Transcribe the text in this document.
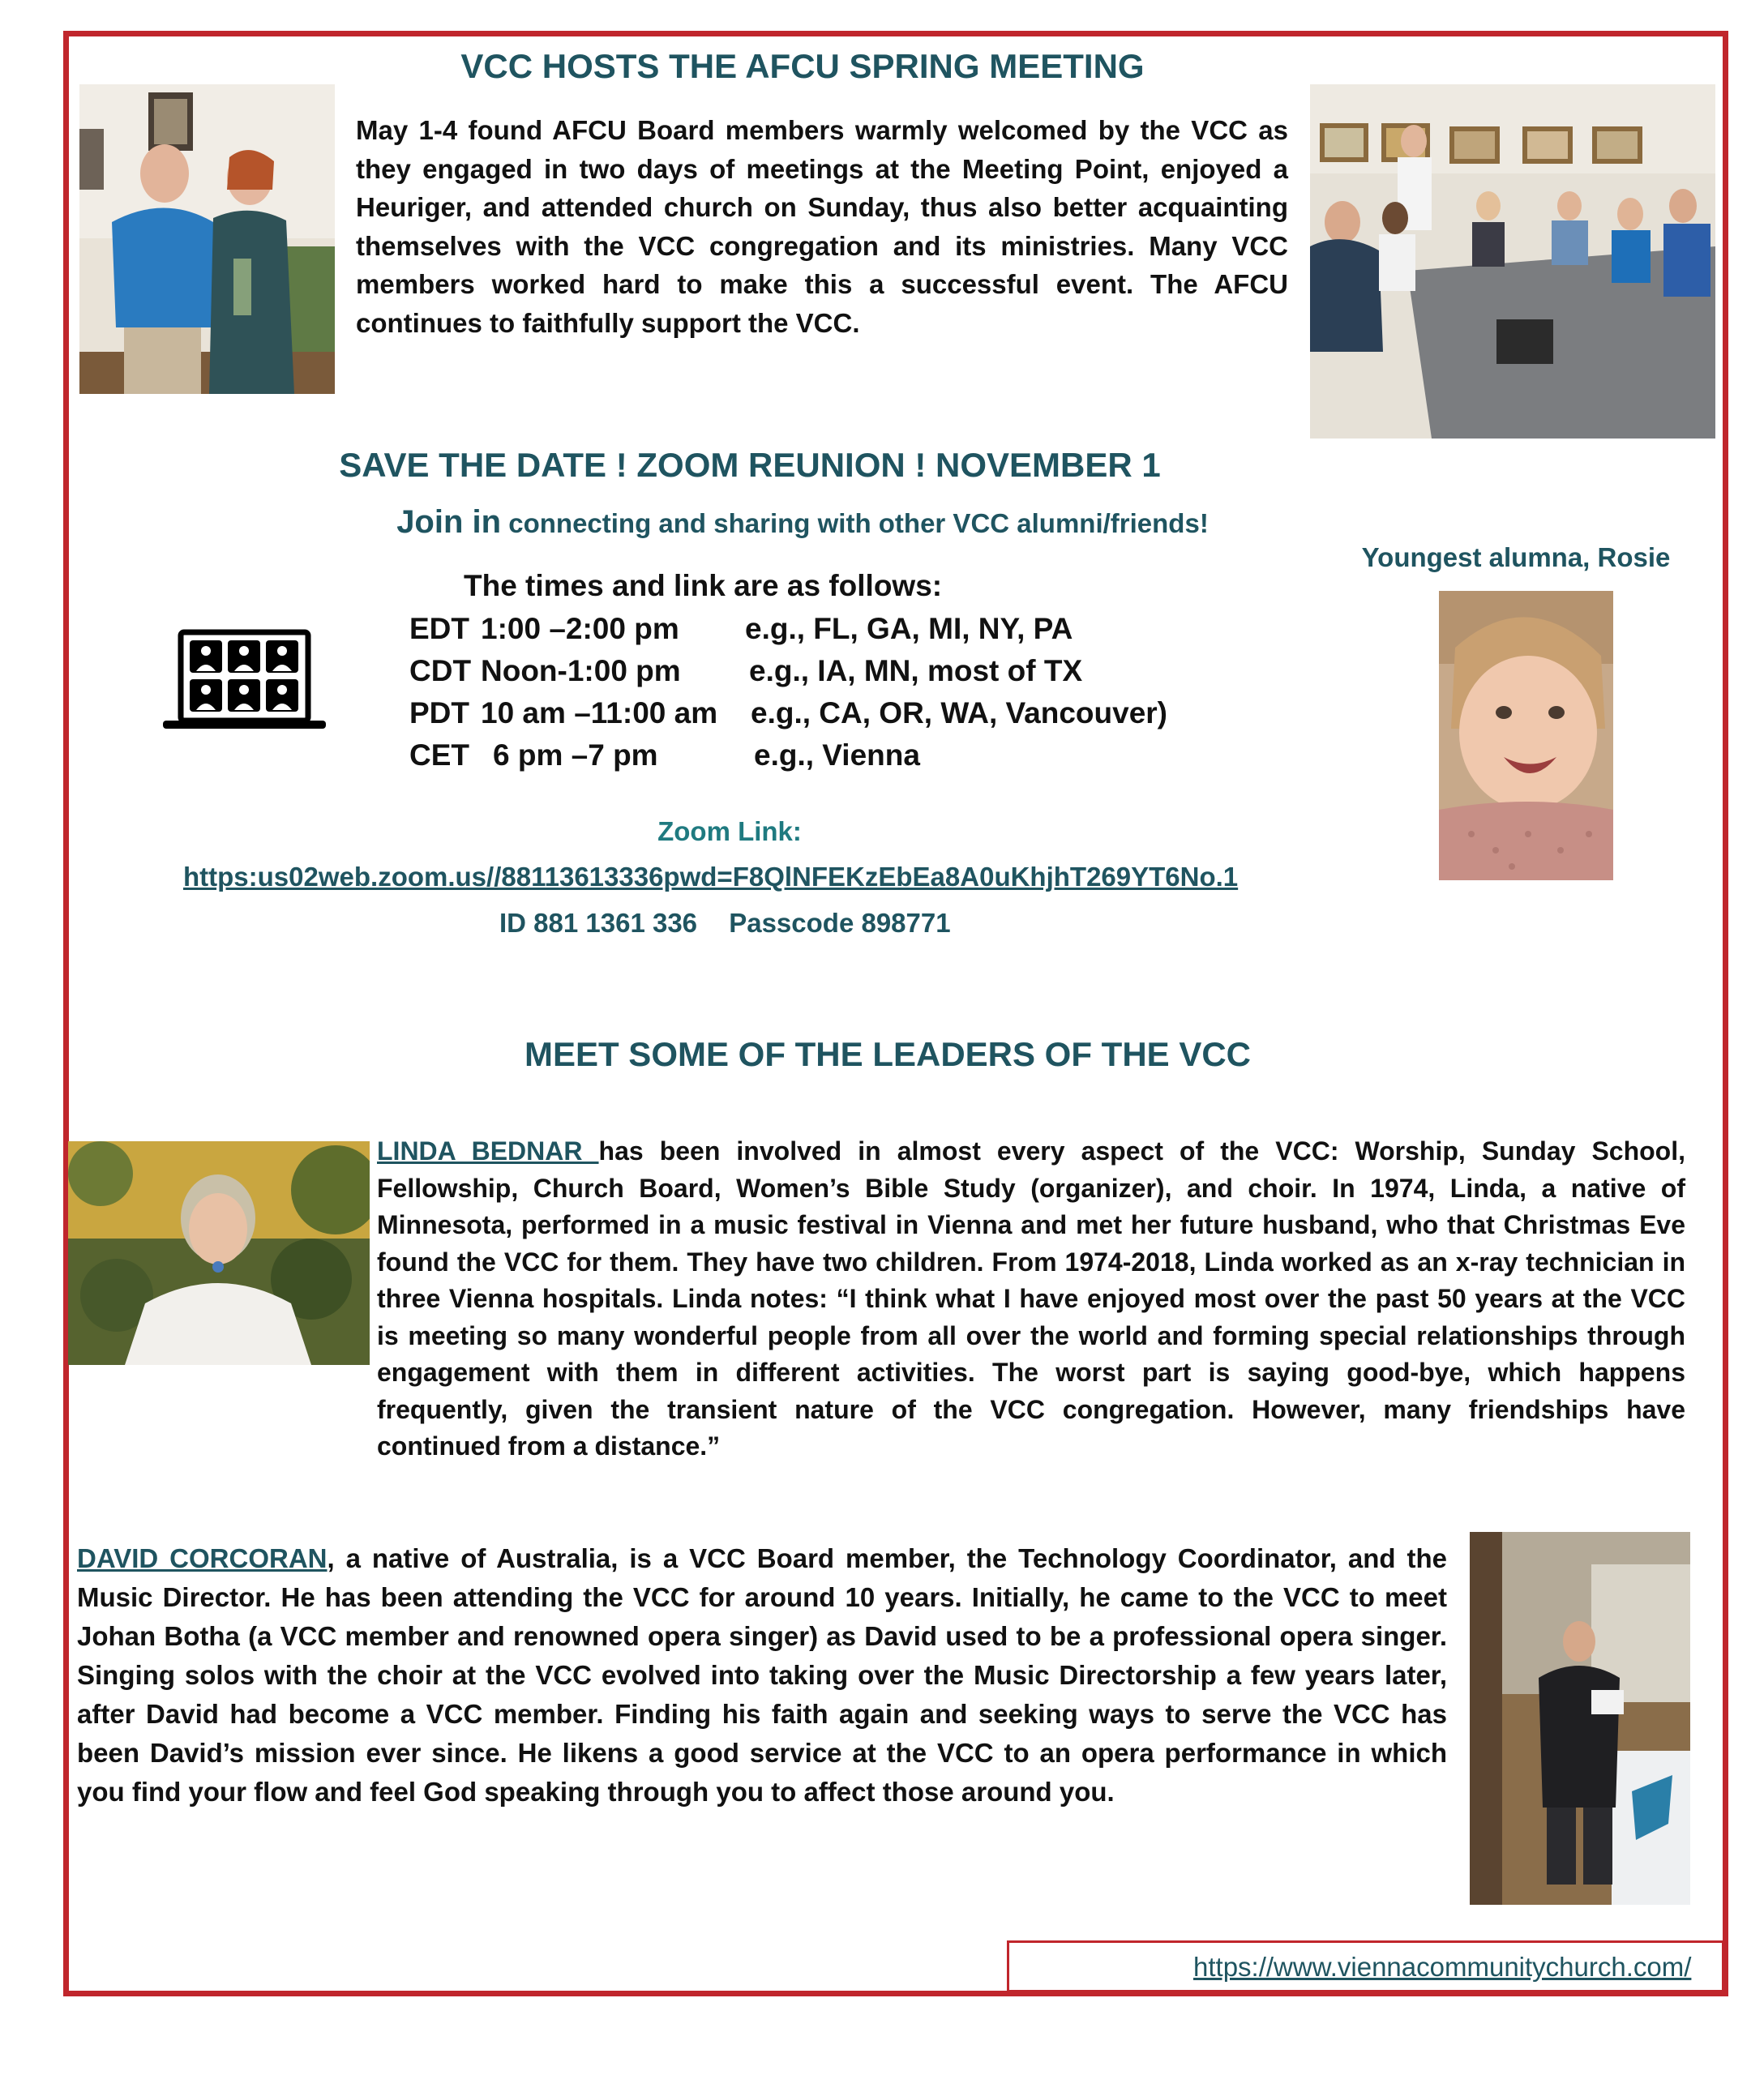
VCC HOSTS THE AFCU SPRING MEETING
May 1-4 found AFCU Board members warmly welcomed by the VCC as they engaged in two days of meetings at the Meeting Point, enjoyed a Heuriger, and attended church on Sunday, thus also better acquainting themselves with the VCC congregation and its ministries. Many VCC members worked hard to make this a successful event. The AFCU continues to faithfully support the VCC.
SAVE THE DATE ! ZOOM REUNION ! NOVEMBER 1
Join in connecting and sharing with other VCC alumni/friends!
The times and link are as follows:
EDT 1:00 –2:00 pm e.g., FL, GA, MI, NY, PA
CDT Noon-1:00 pm e.g., IA, MN, most of TX
PDT 10 am –11:00 am e.g., CA, OR, WA, Vancouver)
CET 6 pm –7 pm	e.g., Vienna
Zoom Link:
https:us02web.zoom.us//88113613336pwd=F8QlNFEKzEbEa8A0uKhjhT269YT6No.1
ID 881 1361 336 Passcode 898771
Youngest alumna, Rosie
MEET SOME OF THE LEADERS OF THE VCC
LINDA BEDNAR has been involved in almost every aspect of the VCC: Worship, Sunday School, Fellowship, Church Board, Women’s Bible Study (organizer), and choir. In 1974, Linda, a native of Minnesota, performed in a music festival in Vienna and met her future husband, who that Christmas Eve found the VCC for them. They have two children. From 1974-2018, Linda worked as an x-ray technician in three Vienna hospitals. Linda notes: “I think what I have enjoyed most over the past 50 years at the VCC is meeting so many wonderful people from all over the world and forming special relationships through engagement with them in different activities. The worst part is saying good-bye, which happens frequently, given the transient nature of the VCC congregation. However, many friendships have continued from a distance.”
DAVID CORCORAN, a native of Australia, is a VCC Board member, the Technology Coordinator, and the Music Director. He has been attending the VCC for around 10 years. Initially, he came to the VCC to meet Johan Botha (a VCC member and renowned opera singer) as David used to be a professional opera singer. Singing solos with the choir at the VCC evolved into taking over the Music Directorship a few years later, after David had become a VCC member. Finding his faith again and seeking ways to serve the VCC has been David’s mission ever since. He likens a good service at the VCC to an opera performance in which you find your flow and feel God speaking through you to affect those around you.
https://www.viennacommunitychurch.com/
